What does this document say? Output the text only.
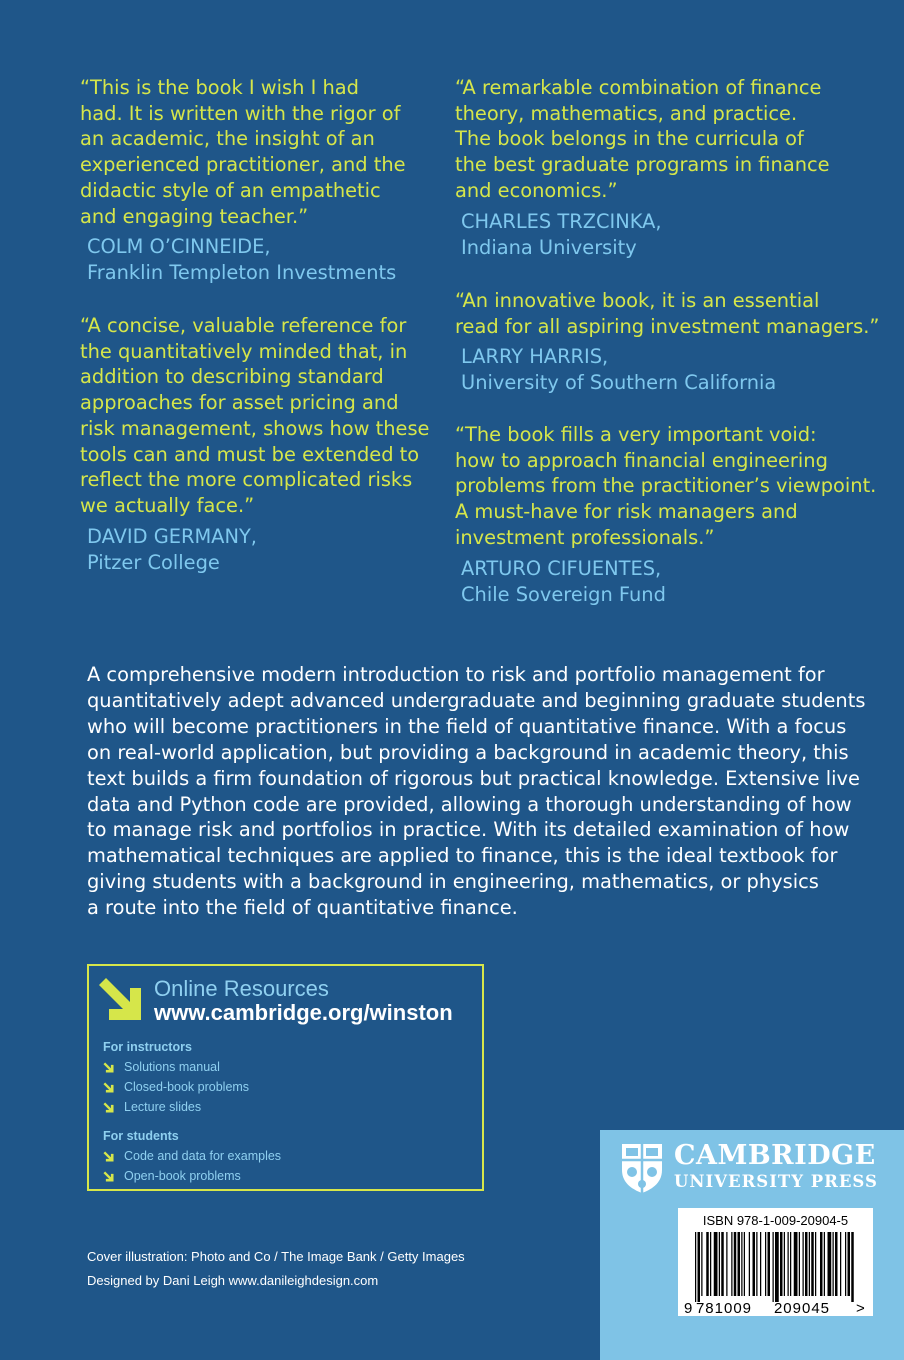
“This is the book I wish I had
had. It is written with the rigor of
an academic, the insight of an
experienced practitioner, and the
didactic style of an empathetic
and engaging teacher.”

COLM O’CINNEIDE,

Franklin Templeton Investments

“A concise, valuable reference for
the quantitatively minded that, in
addition to describing standard
approaches for asset pricing and
risk management, shows how these
tools can and must be extended to
reflect the more complicated risks
we actually face.”

DAVID GERMANY,

Pitzer College

“A remarkable combination of finance
theory, mathematics, and practice.
The book belongs in the curricula of
the best graduate programs in finance
and economics.”

CHARLES TRZCINKA,

Indiana University

“An innovative book, it is an essential
read for all aspiring investment managers.”

LARRY HARRIS,

University of Southern California

“The book fills a very important void:
how to approach financial engineering
problems from the practitioner’s viewpoint.
A must-have for risk managers and
investment professionals.”

ARTURO CIFUENTES,

Chile Sovereign Fund

A comprehensive modern introduction to risk and portfolio management for
quantitatively adept advanced undergraduate and beginning graduate students
who will become practitioners in the field of quantitative finance. With a focus
on real-world application, but providing a background in academic theory, this
text builds a firm foundation of rigorous but practical knowledge. Extensive live
data and Python code are provided, allowing a thorough understanding of how
to manage risk and portfolios in practice. With its detailed examination of how
mathematical techniques are applied to finance, this is the ideal textbook for
giving students with a background in engineering, mathematics, or physics
a route into the field of quantitative finance.

Online Resources
www.cambridge.org/winston
For instructors
Solutions manual
Closed-book problems
Lecture slides
For students
Code and data for examples
Open-book problems
Cover illustration: Photo and Co / The Image Bank / Getty Images
Designed by Dani Leigh www.danileighdesign.com
CAMBRIDGE
UNIVERSITY PRESS
ISBN 978-1-009-20904-5
9 781009 209045 >
